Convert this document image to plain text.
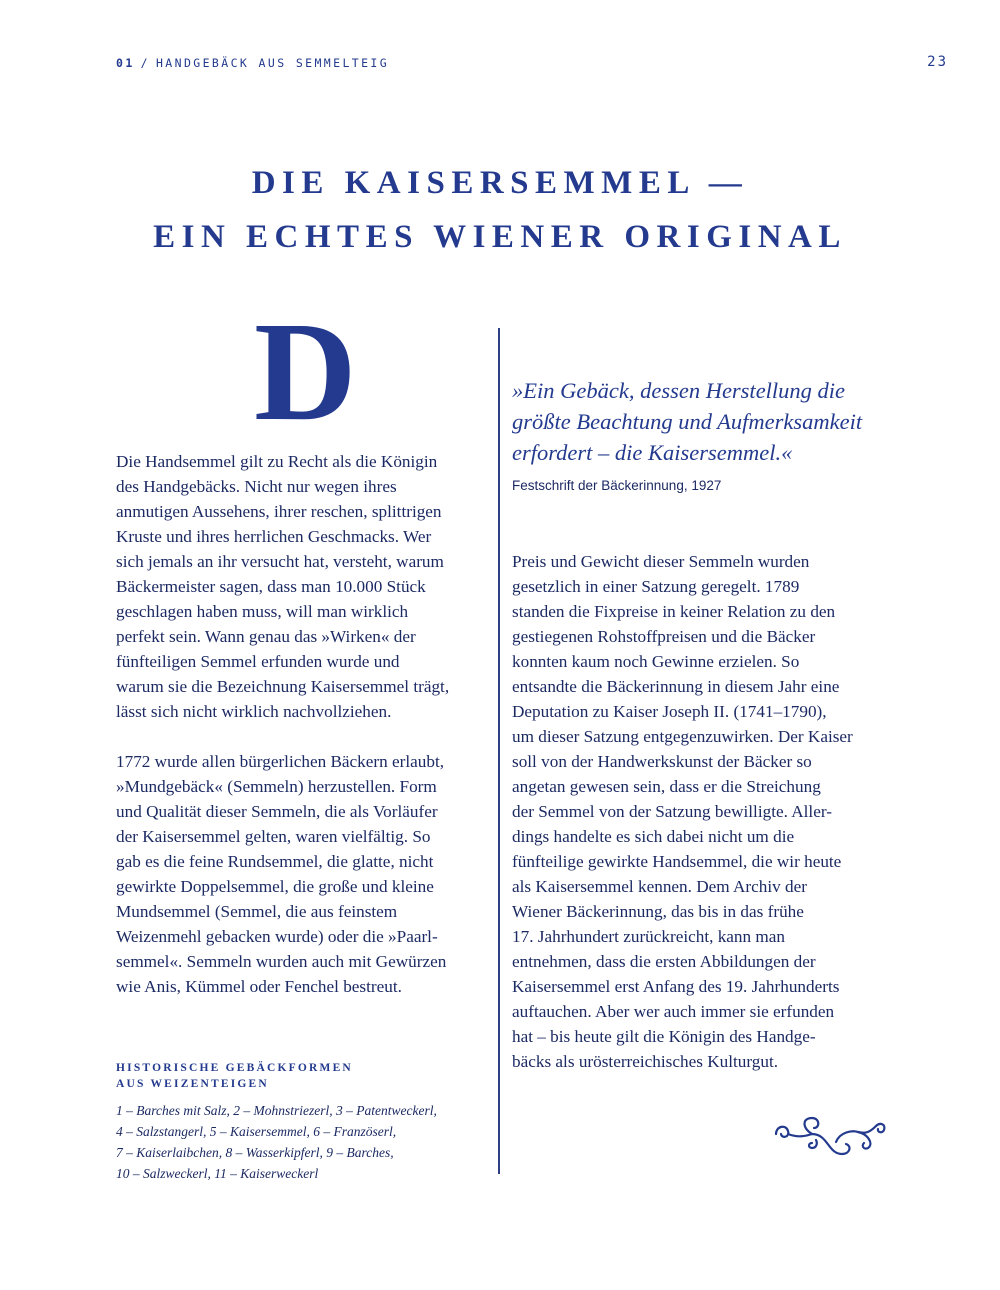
01 / HANDGEBÄCK AUS SEMMELTEIG	23
DIE KAISERSEMMEL —
EIN ECHTES WIENER ORIGINAL
D

Die Handsemmel gilt zu Recht als die Königin

des Handgebäcks. Nicht nur wegen ihres

anmutigen Aussehens, ihrer reschen, splittrigen

Kruste und ihres herrlichen Geschmacks. Wer

sich jemals an ihr versucht hat, versteht, warum

Bäckermeister sagen, dass man 10.000 Stück

geschlagen haben muss, will man wirklich

perfekt sein. Wann genau das »Wirken« der

fünfteiligen Semmel erfunden wurde und

warum sie die Bezeichnung Kaisersemmel trägt,

lässt sich nicht wirklich nachvollziehen.

1772 wurde allen bürgerlichen Bäckern erlaubt,

»Mundgebäck« (Semmeln) herzustellen. Form

und Qualität dieser Semmeln, die als Vorläufer

der Kaisersemmel gelten, waren vielfältig. So

gab es die feine Rundsemmel, die glatte, nicht

gewirkte Doppelsemmel, die große und kleine

Mundsemmel (Semmel, die aus feinstem

Weizenmehl gebacken wurde) oder die »Paarl-

semmel«. Semmeln wurden auch mit Gewürzen

wie Anis, Kümmel oder Fenchel bestreut.

HISTORISCHE GEBÄCKFORMEN
AUS WEIZENTEIGEN
1 – Barches mit Salz, 2 – Mohnstriezerl, 3 – Patentweckerl,
4 – Salzstangerl, 5 – Kaisersemmel, 6 – Französerl,
7 – Kaiserlaibchen, 8 – Wasserkipferl, 9 – Barches,
10 – Salzweckerl, 11 – Kaiserweckerl
»Ein Gebäck, dessen Herstellung die
größte Beachtung und Aufmerksamkeit
erfordert – die Kaisersemmel.«
Festschrift der Bäckerinnung, 1927

Preis und Gewicht dieser Semmeln wurden

gesetzlich in einer Satzung geregelt. 1789

standen die Fixpreise in keiner Relation zu den

gestiegenen Rohstoffpreisen und die Bäcker

konnten kaum noch Gewinne erzielen. So

entsandte die Bäckerinnung in diesem Jahr eine

Deputation zu Kaiser Joseph II. (1741–1790),

um dieser Satzung entgegenzuwirken. Der Kaiser

soll von der Handwerkskunst der Bäcker so

angetan gewesen sein, dass er die Streichung

der Semmel von der Satzung bewilligte. Aller-

dings handelte es sich dabei nicht um die

fünfteilige gewirkte Handsemmel, die wir heute

als Kaisersemmel kennen. Dem Archiv der

Wiener Bäckerinnung, das bis in das frühe

17. Jahrhundert zurückreicht, kann man

entnehmen, dass die ersten Abbildungen der

Kaisersemmel erst Anfang des 19. Jahrhunderts

auftauchen. Aber wer auch immer sie erfunden

hat – bis heute gilt die Königin des Handge-

bäcks als urösterreichisches Kulturgut.
